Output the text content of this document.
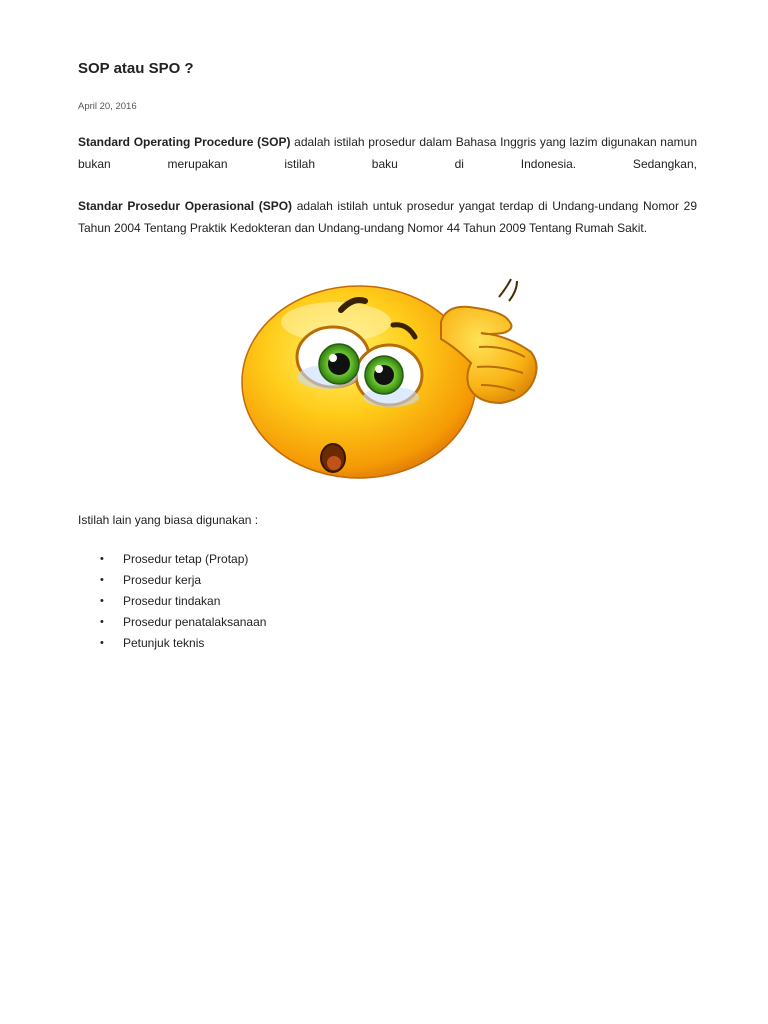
SOP atau SPO ?
April 20, 2016

Standard Operating Procedure (SOP) adalah istilah prosedur dalam Bahasa Inggris yang lazim digunakan namun bukan merupakan istilah baku di Indonesia. Sedangkan,

Standar Prosedur Operasional (SPO) adalah istilah untuk prosedur yangat terdap di Undang-undang Nomor 29 Tahun 2004 Tentang Praktik Kedokteran dan Undang-undang Nomor 44 Tahun 2009 Tentang Rumah Sakit.

Istilah lain yang biasa digunakan :

• Prosedur tetap (Protap)
• Prosedur kerja
• Prosedur tindakan
• Prosedur penatalaksanaan
• Petunjuk teknis
